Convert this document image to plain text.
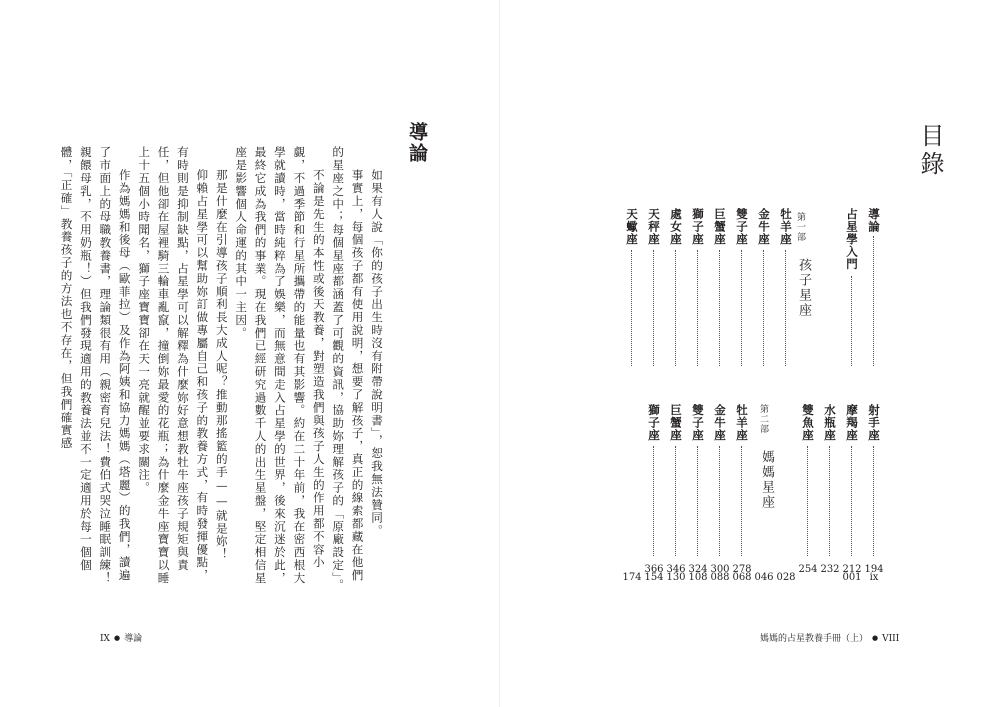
導論

如果有人說「你的孩子出生時沒有附帶說明書」，恕我無法贊同。

事實上，每個孩子都有使用說明，想要了解孩子，真正的線索都藏在他們的星座之中；每個星座都涵蓋了可觀的資訊，協助妳理解孩子的「原廠設定」。

不論是先生的本性或後天教養，對塑造我們與孩子人生的作用都不容小覷，不過季節和行星所攜帶的能量也有其影響。約在二十年前，我在密西根大學就讀時，當時純粹為了娛樂，而無意間走入占星學的世界，後來沉迷於此，最終它成為我們的事業。現在我們已經研究過數千人的出生星盤，堅定相信星座是影響個人命運的其中一主因。

那是什麼在引導孩子順利長大成人呢？推動那搖籃的手——就是妳！

仰賴占星學可以幫助妳訂做專屬自己和孩子的教養方式，有時發揮優點，有時則是抑制缺點，占星學可以解釋為什麼妳好意想教牡牛座孩子規矩與責任，但他卻在屋裡騎三輪車亂竄，撞倒妳最愛的花瓶；為什麼金牛座寶寶以睡上十五個小時聞名，獅子座寶寶卻在天一亮就醒並要求關注。

作為媽媽和後母（歐菲拉）及作為阿姨和協力媽媽（塔麗）的我們，讀遍了市面上的母職教養書，理論類很有用（親密育兒法！費伯式哭泣睡眠訓練！親餵母乳，不用奶瓶！）但我們發現適用的教養法並不一定適用於每一個個體，「正確」教養孩子的方法也不存在，但我們確實感

IX ● 導論
目錄
導論
ix
占星學入門
001
第一部
孩子星座
牡羊座
028
金牛座
046
雙子座
068
巨蟹座
088
獅子座
108
處女座
130
天秤座
154
天蠍座
174
射手座
194
摩羯座
212
水瓶座
232
雙魚座
254
第二部
媽媽星座
牡羊座
278
金牛座
300
雙子座
324
巨蟹座
346
獅子座
366
媽媽的占星教養手冊（上） ● VIII
